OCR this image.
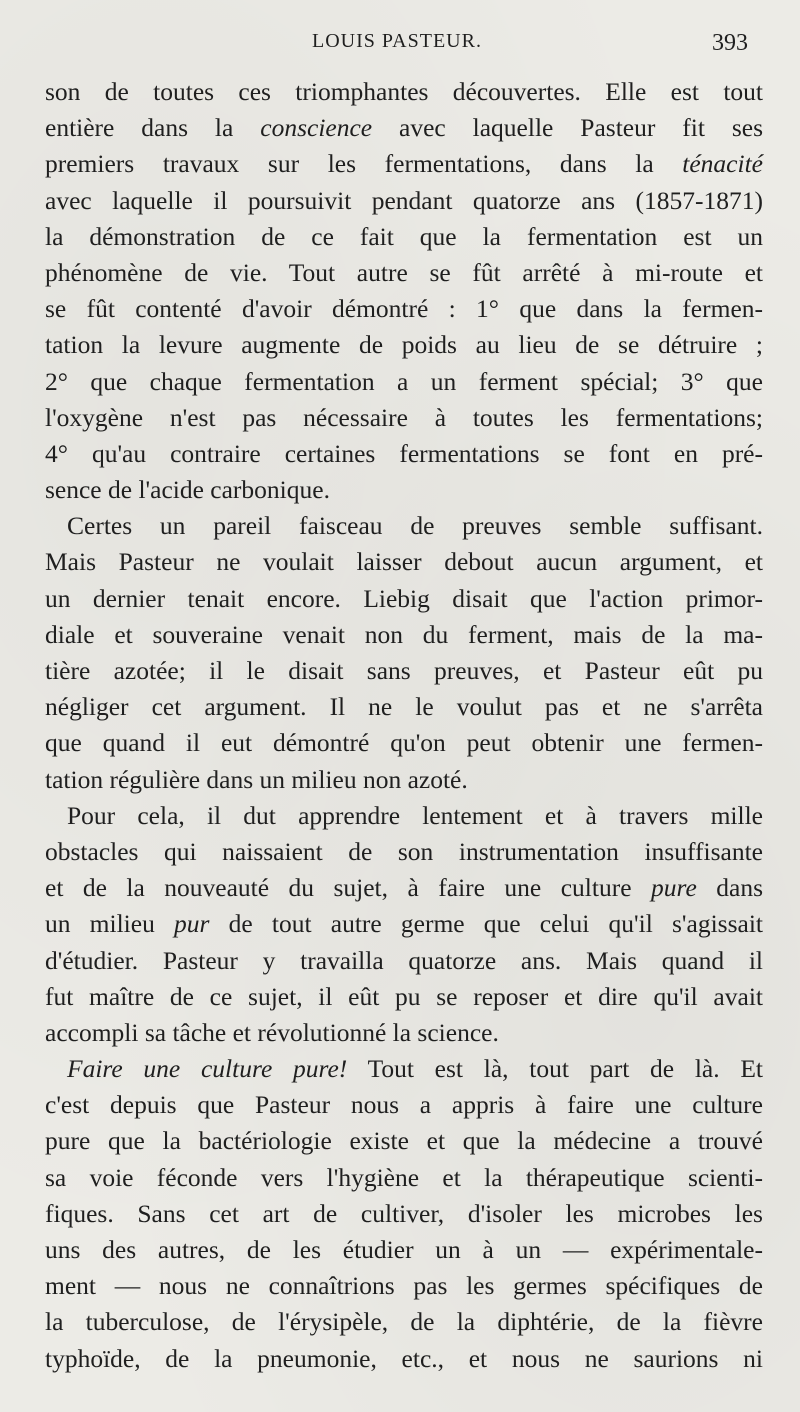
LOUIS PASTEUR.	393
son de toutes ces triomphantes découvertes. Elle est tout
entière dans la conscience avec laquelle Pasteur fit ses
premiers travaux sur les fermentations, dans la ténacité
avec laquelle il poursuivit pendant quatorze ans (1857-1871)
la démonstration de ce fait que la fermentation est un
phénomène de vie. Tout autre se fût arrêté à mi-route et
se fût contenté d'avoir démontré : 1° que dans la fermen-
tation la levure augmente de poids au lieu de se détruire ;
2° que chaque fermentation a un ferment spécial; 3° que
l'oxygène n'est pas nécessaire à toutes les fermentations;
4° qu'au contraire certaines fermentations se font en pré-
sence de l'acide carbonique.
Certes un pareil faisceau de preuves semble suffisant.
Mais Pasteur ne voulait laisser debout aucun argument, et
un dernier tenait encore. Liebig disait que l'action primor-
diale et souveraine venait non du ferment, mais de la ma-
tière azotée; il le disait sans preuves, et Pasteur eût pu
négliger cet argument. Il ne le voulut pas et ne s'arrêta
que quand il eut démontré qu'on peut obtenir une fermen-
tation régulière dans un milieu non azoté.
Pour cela, il dut apprendre lentement et à travers mille
obstacles qui naissaient de son instrumentation insuffisante
et de la nouveauté du sujet, à faire une culture pure dans
un milieu pur de tout autre germe que celui qu'il s'agissait
d'étudier. Pasteur y travailla quatorze ans. Mais quand il
fut maître de ce sujet, il eût pu se reposer et dire qu'il avait
accompli sa tâche et révolutionné la science.
Faire une culture pure! Tout est là, tout part de là. Et
c'est depuis que Pasteur nous a appris à faire une culture
pure que la bactériologie existe et que la médecine a trouvé
sa voie féconde vers l'hygiène et la thérapeutique scienti-
fiques. Sans cet art de cultiver, d'isoler les microbes les
uns des autres, de les étudier un à un — expérimentale-
ment — nous ne connaîtrions pas les germes spécifiques de
la tuberculose, de l'érysipèle, de la diphtérie, de la fièvre
typhoïde, de la pneumonie, etc., et nous ne saurions ni
